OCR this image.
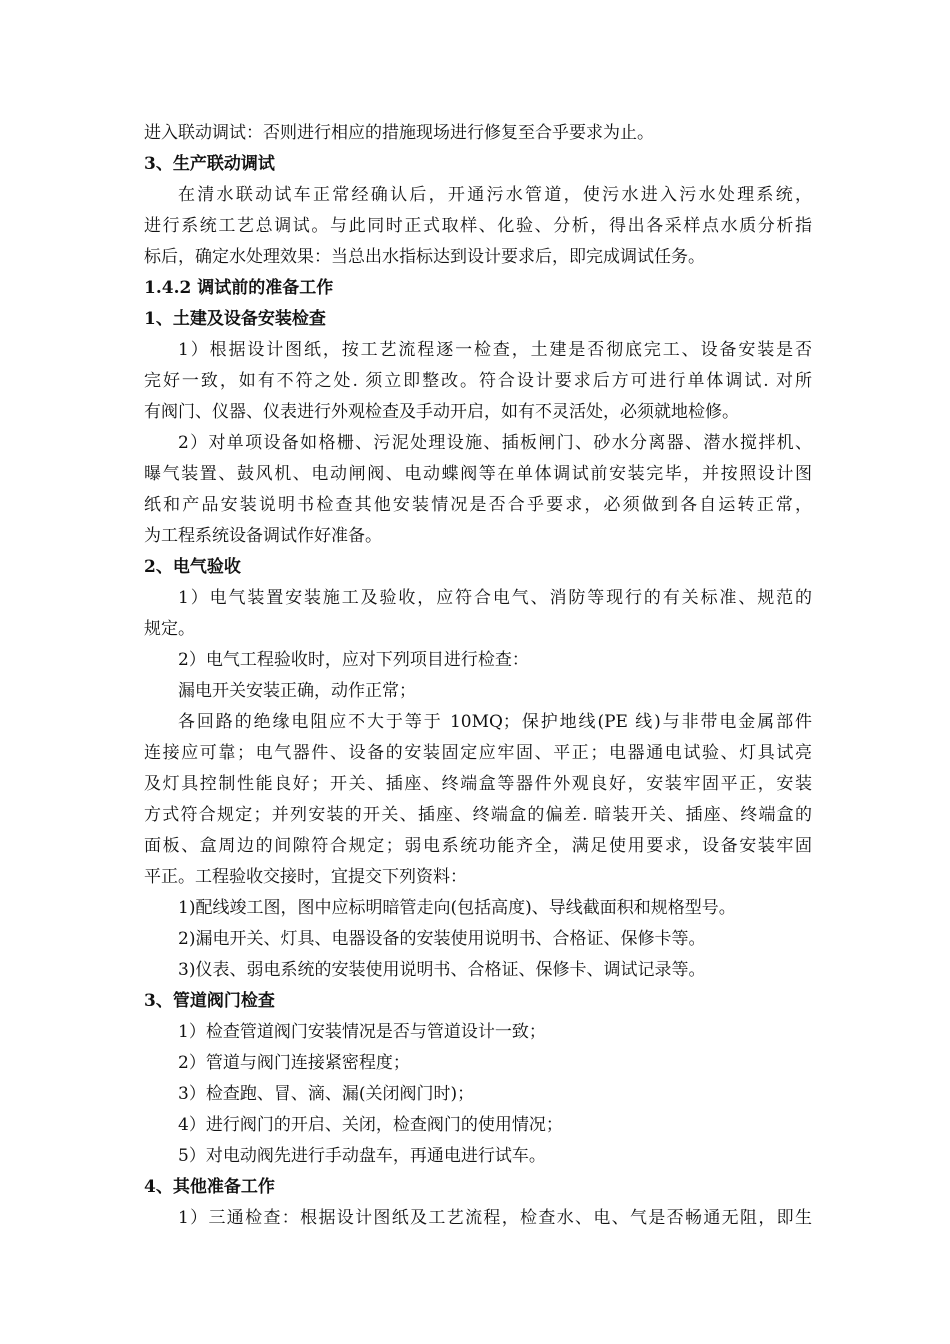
进入联动调试：否则进行相应的措施现场进行修复至合乎要求为止。
3、生产联动调试
在清水联动试车正常经确认后，开通污水管道，使污水进入污水处理系统，
进行系统工艺总调试。与此同时正式取样、化验、分析，得出各采样点水质分析指
标后，确定水处理效果：当总出水指标达到设计要求后，即完成调试任务。
1.4.2 调试前的准备工作
1、土建及设备安装检查
1）根据设计图纸，按工艺流程逐一检查，土建是否彻底完工、设备安装是否
完好一致，如有不符之处. 须立即整改。符合设计要求后方可进行单体调试. 对所
有阀门、仪器、仪表进行外观检查及手动开启，如有不灵活处，必须就地检修。
2）对单项设备如格栅、污泥处理设施、插板闸门、砂水分离器、潜水搅拌机、
曝气装置、鼓风机、电动闸阀、电动蝶阀等在单体调试前安装完毕，并按照设计图
纸和产品安装说明书检查其他安装情况是否合乎要求，必须做到各自运转正常，
为工程系统设备调试作好准备。
2、电气验收
1）电气装置安装施工及验收，应符合电气、消防等现行的有关标准、规范的
规定。
2）电气工程验收时，应对下列项目进行检查：
漏电开关安装正确，动作正常；
各回路的绝缘电阻应不大于等于 10MQ；保护地线(PE 线)与非带电金属部件
连接应可靠；电气器件、设备的安装固定应牢固、平正；电器通电试验、灯具试亮
及灯具控制性能良好；开关、插座、终端盒等器件外观良好，安装牢固平正，安装
方式符合规定；并列安装的开关、插座、终端盒的偏差. 暗装开关、插座、终端盒的
面板、盒周边的间隙符合规定；弱电系统功能齐全，满足使用要求，设备安装牢固
平正。工程验收交接时，宜提交下列资料：
1)配线竣工图，图中应标明暗管走向(包括高度)、导线截面积和规格型号。
2)漏电开关、灯具、电器设备的安装使用说明书、合格证、保修卡等。
3)仪表、弱电系统的安装使用说明书、合格证、保修卡、调试记录等。
3、管道阀门检查
1）检查管道阀门安装情况是否与管道设计一致；
2）管道与阀门连接紧密程度；
3）检查跑、冒、滴、漏(关闭阀门时)；
4）进行阀门的开启、关闭，检查阀门的使用情况；
5）对电动阀先进行手动盘车，再通电进行试车。
4、其他准备工作
1）三通检查：根据设计图纸及工艺流程，检查水、电、气是否畅通无阻，即生
